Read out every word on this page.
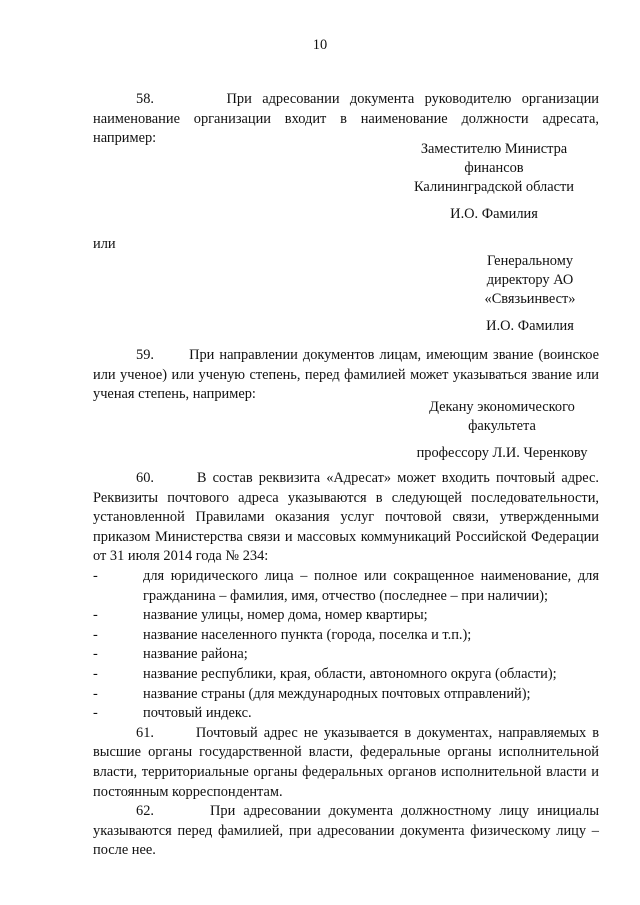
10

58.       При адресовании документа руководителю организации наименование организации входит в наименование должности адресата, например:

Заместителю Министра
финансов
Калининградской области
И.О. Фамилия
или
Генеральному
директору АО
«Связьинвест»
И.О. Фамилия

59.       При направлении документов лицам, имеющим звание (воинское или ученое) или ученую степень, перед фамилией может указываться звание или ученая степень, например:

Декану экономического
факультета
профессору Л.И. Черенкову

60.       В состав реквизита «Адресат» может входить почтовый адрес. Реквизиты почтового адреса указываются в следующей последовательности, установленной Правилами оказания услуг почтовой связи, утвержденными приказом Министерства связи и массовых коммуникаций Российской Федерации от 31 июля 2014 года № 234:

-	для юридического лица – полное или сокращенное наименование, для гражданина – фамилия, имя, отчество (последнее – при наличии);
-	название улицы, номер дома, номер квартиры;
-	название населенного пункта (города, поселка и т.п.);
-	название района;
-	название республики, края, области, автономного округа (области);
-	название страны (для международных почтовых отправлений);
-	почтовый индекс.

61.       Почтовый адрес не указывается в документах, направляемых в высшие органы государственной власти, федеральные органы исполнительной власти, территориальные органы федеральных органов исполнительной власти и постоянным корреспондентам.

62.       При адресовании документа должностному лицу инициалы указываются перед фамилией, при адресовании документа физическому лицу – после нее.
